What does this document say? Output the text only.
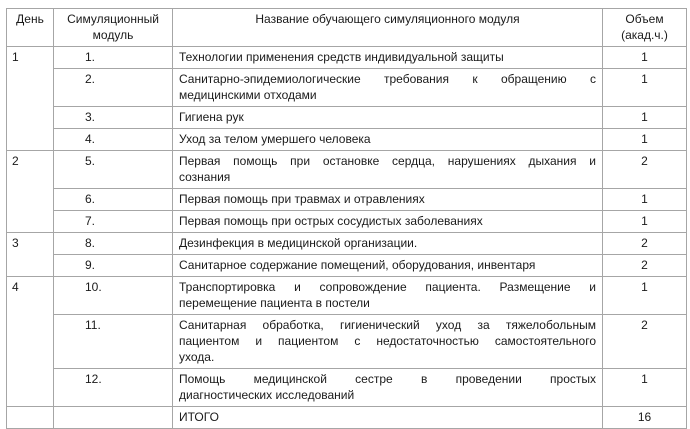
День	Симуляционный модуль	Название обучающего симуляционного модуля	Объем (акад.ч.)
1	1.	Технологии применения средств индивидуальной защиты	1
	2.	Санитарно-эпидемиологические требования к обращению с
медицинскими отходами	1
	3.	Гигиена рук	1
	4.	Уход за телом умершего человека	1
2	5.	Первая помощь при остановке сердца, нарушениях дыхания и
сознания	2
	6.	Первая помощь при травмах и отравлениях	1
	7.	Первая помощь при острых сосудистых заболеваниях	1
3	8.	Дезинфекция в медицинской организации.	2
	9.	Санитарное содержание помещений, оборудования, инвентаря	2
4	10.	Транспортировка и сопровождение пациента. Размещение и
перемещение пациента в постели	1
	11.	Санитарная обработка, гигиенический уход за тяжелобольным
пациентом и пациентом с недостаточностью самостоятельного
ухода.	2
	12.	Помощь медицинской сестре в проведении простых
диагностических исследований	1
		ИТОГО	16
